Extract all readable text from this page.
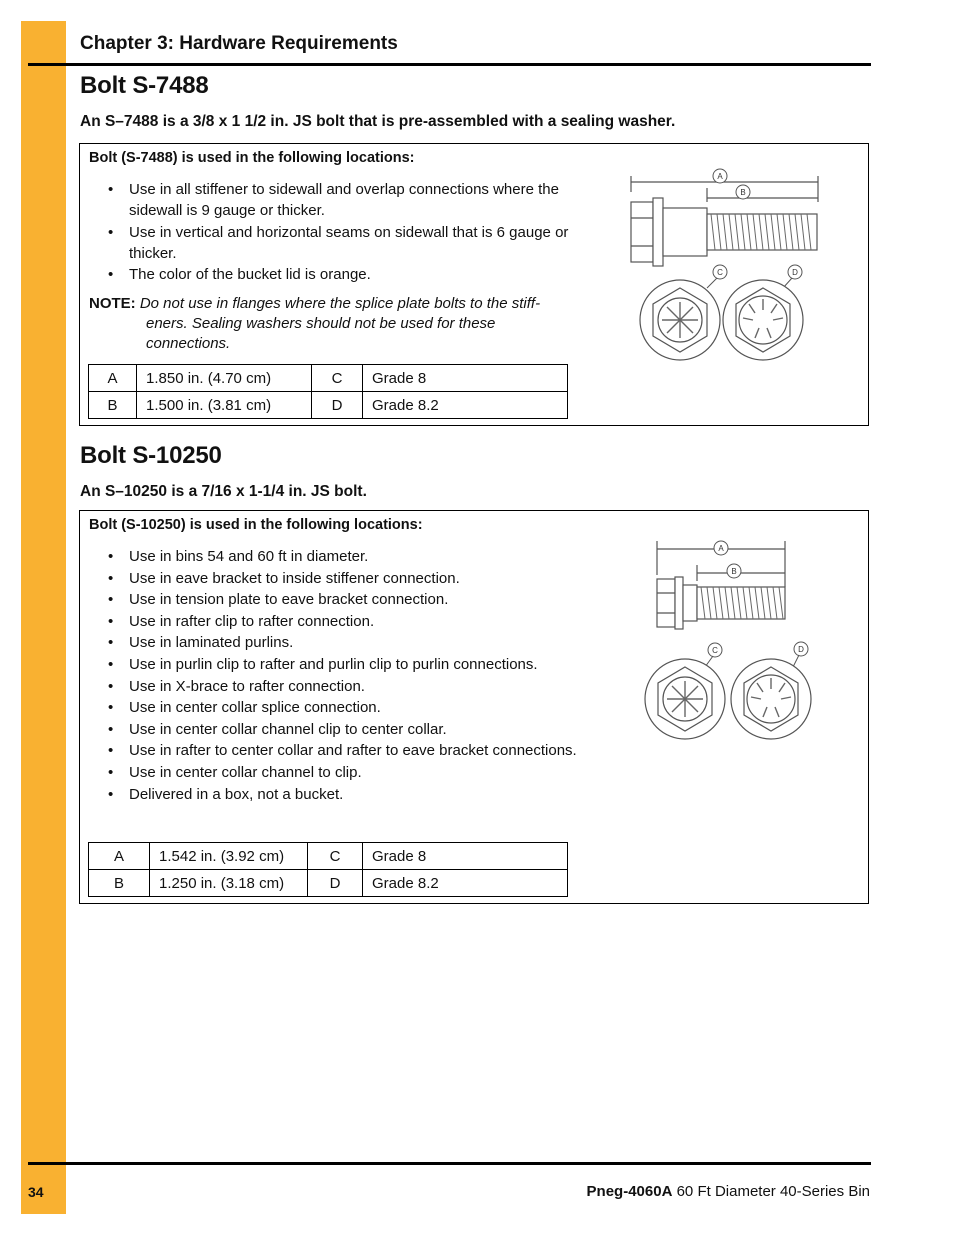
Chapter 3: Hardware Requirements
Bolt S-7488
An S–7488 is a 3/8 x 1 1/2 in. JS bolt that is pre-assembled with a sealing washer.
Bolt (S-7488) is used in the following locations:
• Use in all stiffener to sidewall and overlap connections where the sidewall is 9 gauge or thicker.
• Use in vertical and horizontal seams on sidewall that is 6 gauge or thicker.
• The color of the bucket lid is orange.
NOTE: Do not use in flanges where the splice plate bolts to the stiff-
eners. Sealing washers should not be used for these
connections.
A	1.850 in. (4.70 cm)	C	Grade 8
B	1.500 in. (3.81 cm)	D	Grade 8.2
A
B
C	D
Bolt S-10250
An S–10250 is a 7/16 x 1-1/4 in. JS bolt.
Bolt (S-10250) is used in the following locations:
• Use in bins 54 and 60 ft in diameter.
• Use in eave bracket to inside stiffener connection.
• Use in tension plate to eave bracket connection.
• Use in rafter clip to rafter connection.
• Use in laminated purlins.
• Use in purlin clip to rafter and purlin clip to purlin connections.
• Use in X-brace to rafter connection.
• Use in center collar splice connection.
• Use in center collar channel clip to center collar.
• Use in rafter to center collar and rafter to eave bracket connections.
• Use in center collar channel to clip.
• Delivered in a box, not a bucket.
A	1.542 in. (3.92 cm)	C	Grade 8
B	1.250 in. (3.18 cm)	D	Grade 8.2
A
B
C	D
34	Pneg-4060A 60 Ft Diameter 40-Series Bin
